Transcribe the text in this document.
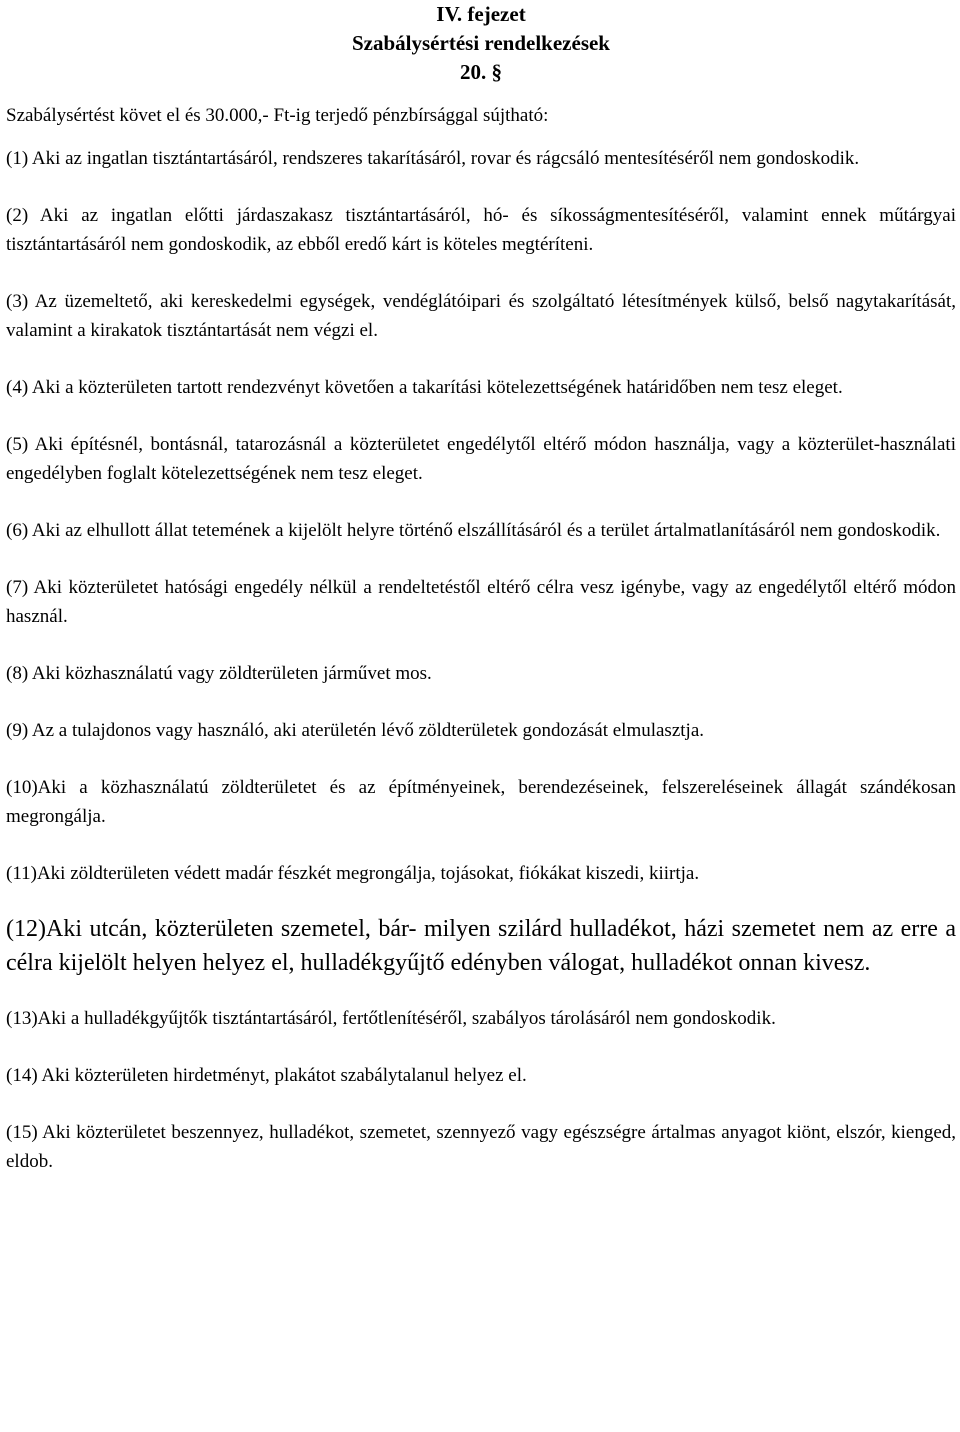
IV. fejezet
Szabálysértési rendelkezések
20. §

Szabálysértést követ el és 30.000,- Ft-ig terjedő pénzbírsággal sújtható:

(1) Aki az ingatlan tisztántartásáról, rendszeres takarításáról, rovar és rágcsáló mentesítéséről nem gondoskodik.

(2) Aki az ingatlan előtti járdaszakasz tisztántartásáról, hó- és síkosságmentesítéséről, valamint ennek műtárgyai tisztántartásáról nem gondoskodik, az ebből eredő kárt is köteles megtéríteni.

(3) Az üzemeltető, aki kereskedelmi egységek, vendéglátóipari és szolgáltató létesítmények külső, belső nagytakarítását, valamint a kirakatok tisztántartását nem végzi el.

(4) Aki a közterületen tartott rendezvényt követően a takarítási kötelezettségének határidőben nem tesz eleget.

(5) Aki építésnél, bontásnál, tatarozásnál a közterületet engedélytől eltérő módon használja, vagy a közterület-használati engedélyben foglalt kötelezettségének nem tesz eleget.

(6) Aki az elhullott állat tetemének a kijelölt helyre történő elszállításáról és a terület ártalmatlanításáról nem gondoskodik.

(7) Aki közterületet hatósági engedély nélkül a rendeltetéstől eltérő célra vesz igénybe, vagy az engedélytől eltérő módon használ.

(8) Aki közhasználatú vagy zöldterületen járművet mos.

(9) Az a tulajdonos vagy használó, aki aterületén lévő zöldterületek gondozását elmulasztja.

(10)Aki a közhasználatú zöldterületet és az építményeinek, berendezéseinek, felszereléseinek állagát szándékosan megrongálja.

(11)Aki zöldterületen védett madár fészkét megrongálja, tojásokat, fiókákat kiszedi, kiirtja.

(12)Aki utcán, közterületen szemetel, bár- milyen szilárd hulladékot, házi szemetet nem az erre a célra kijelölt helyen helyez el, hulladékgyűjtő edényben válogat, hulladékot onnan kivesz.

(13)Aki a hulladékgyűjtők tisztántartásáról, fertőtlenítéséről, szabályos tárolásáról nem gondoskodik.

(14) Aki közterületen hirdetményt, plakátot szabálytalanul helyez el.

(15) Aki közterületet beszennyez, hulladékot, szemetet, szennyező vagy egészségre ártalmas anyagot kiönt, elszór, kienged, eldob.
